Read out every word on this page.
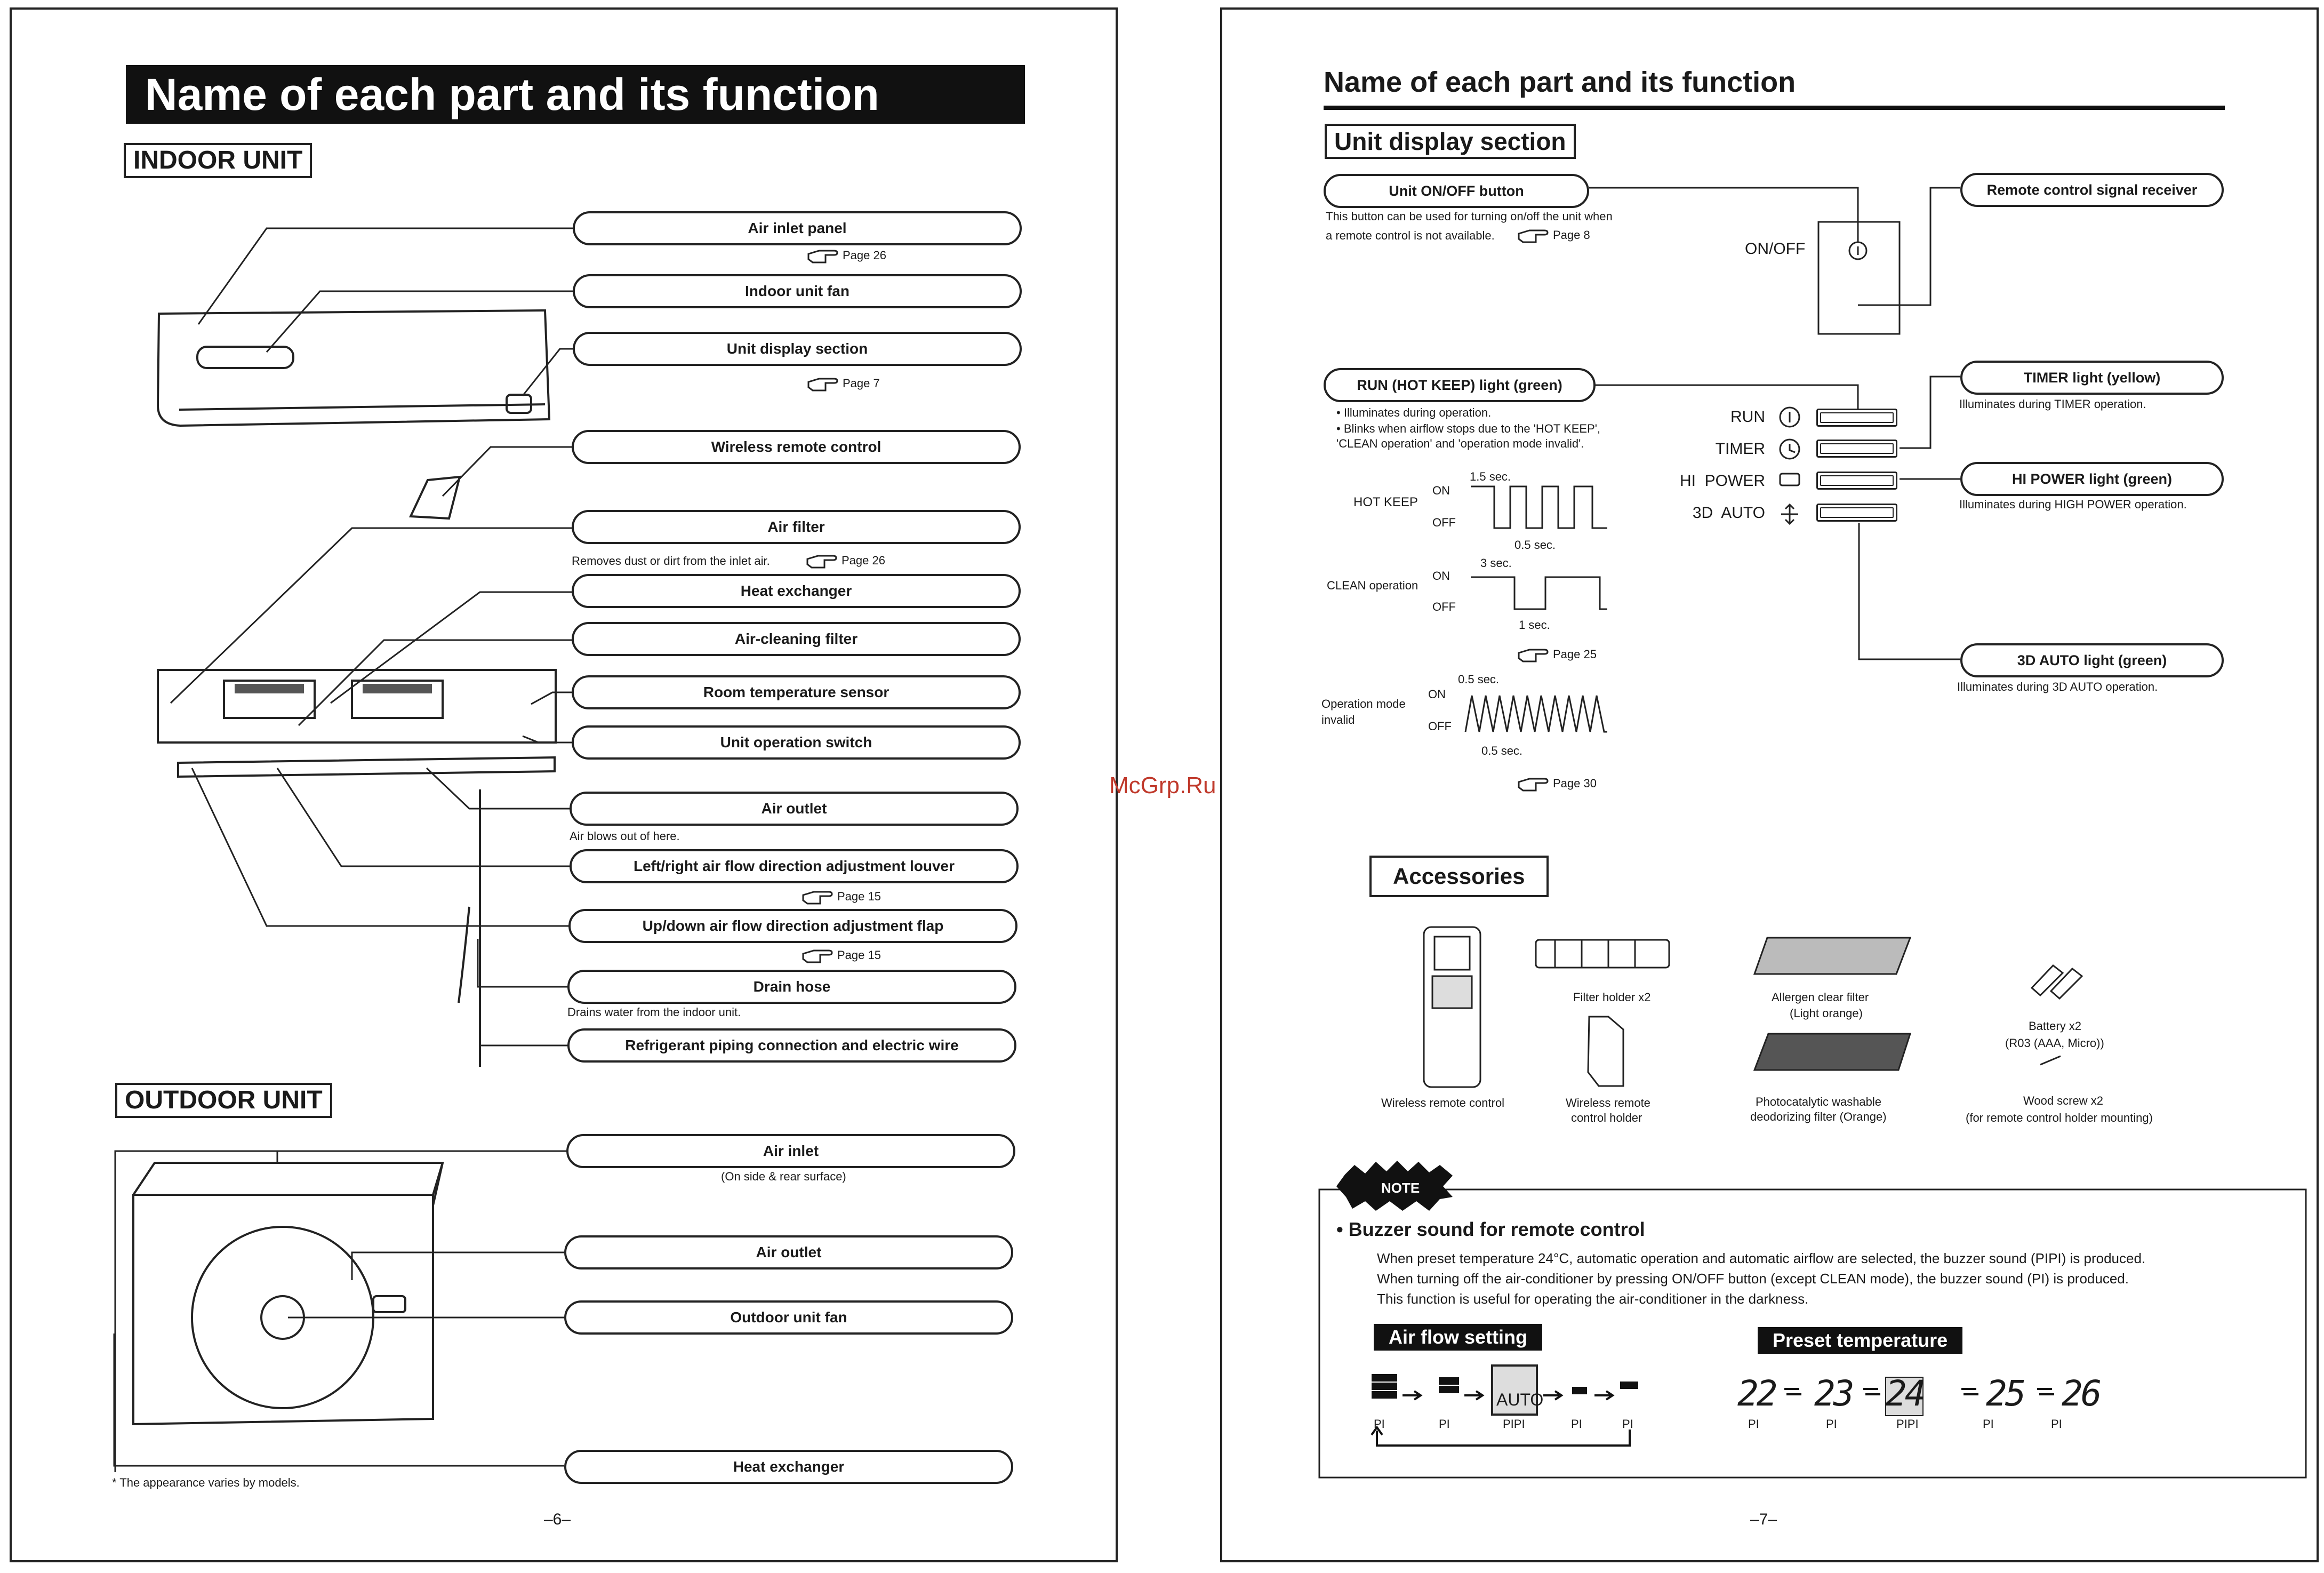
Name of each part and its function
INDOOR UNIT
Air inlet panel
Page 26
Indoor unit fan
Unit display section
Page 7
Wireless remote control
Air filter
Removes dust or dirt from the inlet air.	Page 26
Heat exchanger
Air-cleaning filter
Room temperature sensor
Unit operation switch
Air outlet
Air blows out of here.
Left/right air flow direction adjustment louver
Page 15
Up/down air flow direction adjustment flap
Page 15
Drain hose
Drains water from the indoor unit.
Refrigerant piping connection and electric wire
OUTDOOR UNIT
Air inlet
(On side & rear surface)
Air outlet
Outdoor unit fan
Heat exchanger
* The appearance varies by models.
–6–
McGrp.Ru
Name of each part and its function
Unit display section
Unit ON/OFF button
This button can be used for turning on/off the unit when
a remote control is not available.	Page 8
ON/OFF
Remote control signal receiver
RUN (HOT KEEP) light (green)
• Illuminates during operation.
• Blinks when airflow stops due to the 'HOT KEEP', 'CLEAN operation' and 'operation mode invalid'.
TIMER light (yellow)
Illuminates during TIMER operation.
HI POWER light (green)
Illuminates during HIGH POWER operation.
3D AUTO light (green)
Illuminates during 3D AUTO operation.
RUN
TIMER
HI  POWER
3D  AUTO
HOT KEEP
ON
OFF
1.5 sec.
0.5 sec.
CLEAN operation
ON
OFF
3 sec.
1 sec.
Page 25
Operation mode
invalid
ON
OFF
0.5 sec.
0.5 sec.
Page 30
Accessories
Wireless remote control
Filter holder x2
Wireless remote
control holder
Allergen clear filter
(Light orange)
Photocatalytic washable
deodorizing filter (Orange)
Battery x2
(R03 (AAA, Micro))
Wood screw x2
(for remote control holder mounting)
NOTE
• Buzzer sound for remote control
When preset temperature 24°C, automatic operation and automatic airflow are selected, the buzzer sound (PIPI) is produced.
When turning off the air-conditioner by pressing ON/OFF button (except CLEAN mode), the buzzer sound (PI) is produced.
This function is useful for operating the air-conditioner in the darkness.
Air flow setting
AUTO
PI	PI	PIPI	PI	PI
Preset temperature
22 23 24 25 26
PI	PI	PIPI	PI	PI
–7–
